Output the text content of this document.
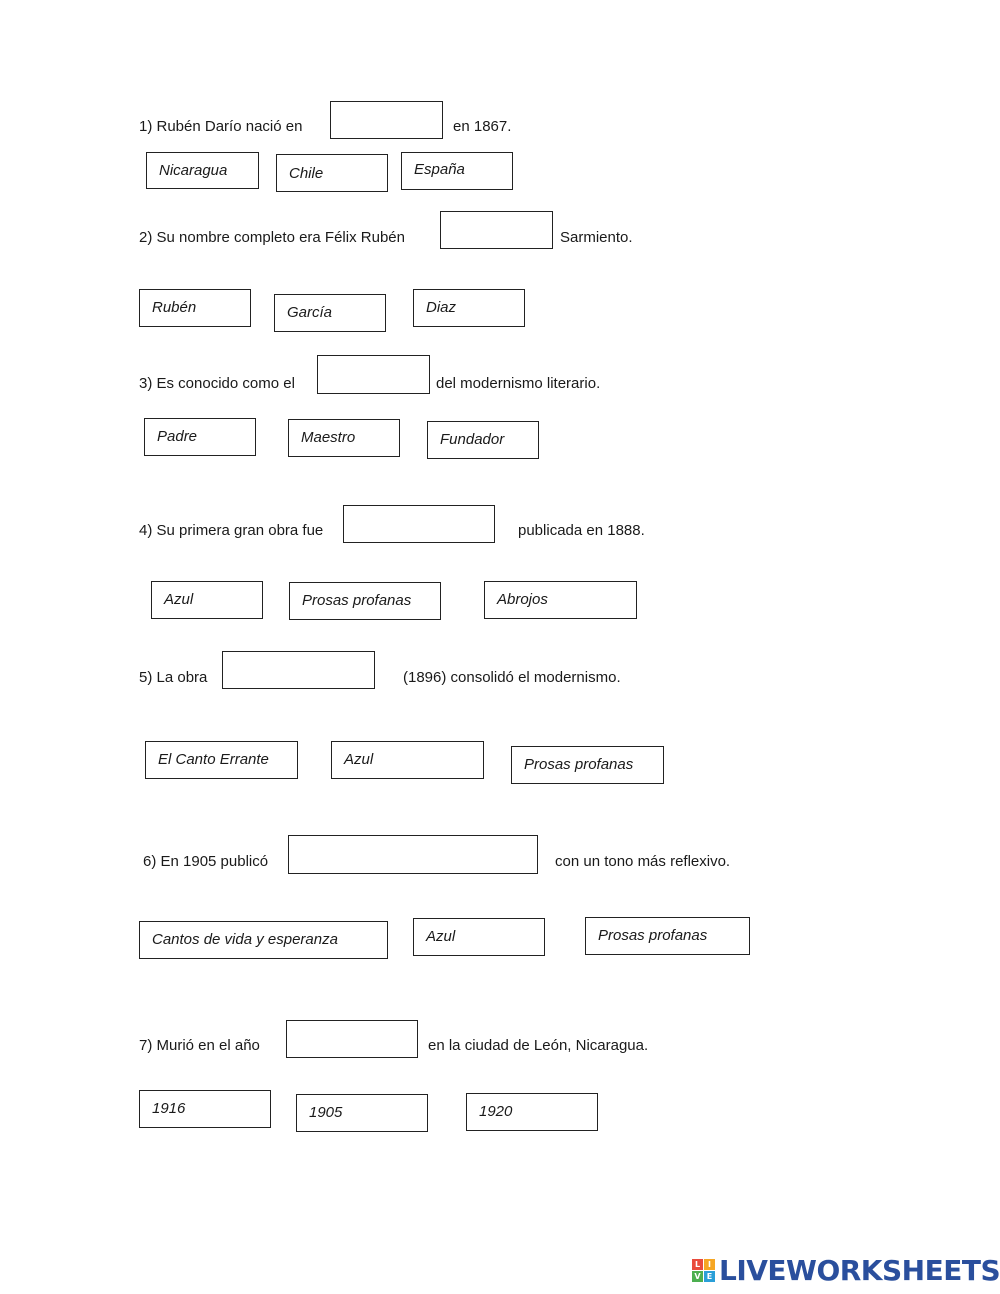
1) Rubén Darío nació en	en 1867.
Nicaragua	Chile	España
2) Su nombre completo era Félix Rubén	Sarmiento.
Rubén	García	Diaz
3) Es conocido como el	del modernismo literario.
Padre	Maestro	Fundador
4) Su primera gran obra fue	publicada en 1888.
Azul	Prosas profanas	Abrojos
5) La obra	(1896) consolidó el modernismo.
El Canto Errante	Azul	Prosas profanas
6) En 1905 publicó	con un tono más reflexivo.
Cantos de vida y esperanza	Azul	Prosas profanas
7) Murió en el año	en la ciudad de León, Nicaragua.
1916	1905	1920
L I
V E LIVEWORKSHEETS
